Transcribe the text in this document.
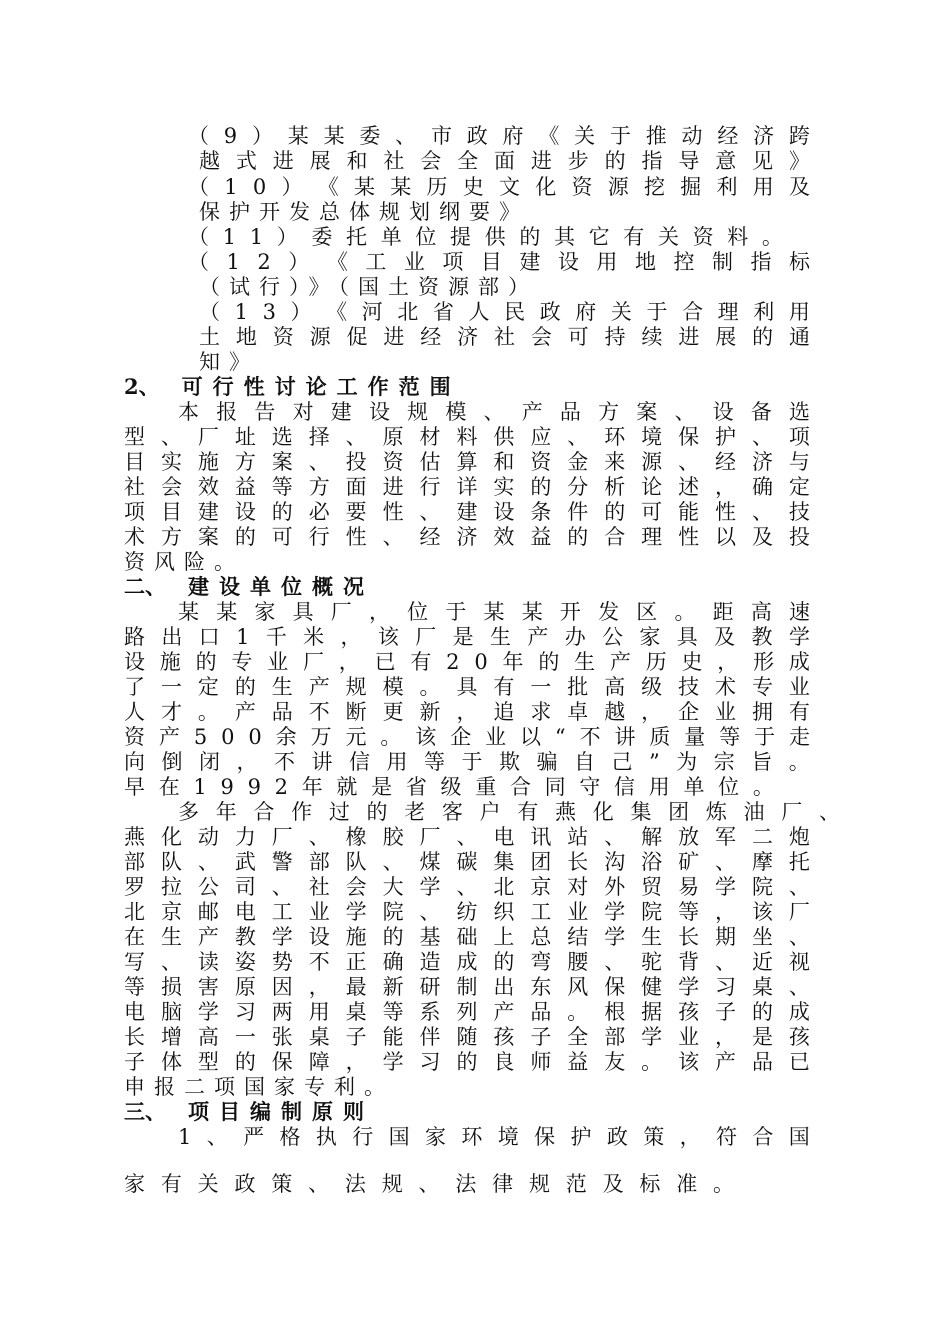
（ 9 ） 某 某 委 、 市 政 府 《 关 于 推 动 经 济 跨
越 式 进 展 和 社 会 全 面 进 步 的 指 导 意 见 》
（ 1 0 ） 《 某 某 历 史 文 化 资 源 挖 掘 利 用 及
保护开发总体规划纲要》
（ 1 1 ） 委 托 单 位 提 供 的 其 它 有 关 资 料 。
（ 1 2 ） 《 工 业 项 目 建 设 用 地 控 制 指 标
（试行）》（国土资源部）
（ 1 3 ） 《 河 北 省 人 民 政 府 关 于 合 理 利 用
土 地 资 源 促 进 经 济 社 会 可 持 续 进 展 的 通
知》
2、 可行性讨论工作范围
本 报 告 对 建 设 规 模 、 产 品 方 案 、 设 备 选
型 、 厂 址 选 择 、 原 材 料 供 应 、 环 境 保 护 、 项
目 实 施 方 案 、 投 资 估 算 和 资 金 来 源 、 经 济 与
社 会 效 益 等 方 面 进 行 详 实 的 分 析 论 述 ， 确 定
项 目 建 设 的 必 要 性 、 建 设 条 件 的 可 能 性 、 技
术 方 案 的 可 行 性 、 经 济 效 益 的 合 理 性 以 及 投
资风险。
二、 建设单位概况
某 某 家 具 厂 ， 位 于 某 某 开 发 区 。 距 高 速
路 出 口 1 千 米 ， 该 厂 是 生 产 办 公 家 具 及 教 学
设 施 的 专 业 厂 ， 已 有 2 0 年 的 生 产 历 史 ， 形 成
了 一 定 的 生 产 规 模 。 具 有 一 批 高 级 技 术 专 业
人 才 。 产 品 不 断 更 新 ， 追 求 卓 越 ， 企 业 拥 有
资 产 5 0 0 余 万 元 。 该 企 业 以 “ 不 讲 质 量 等 于 走
向 倒 闭 ， 不 讲 信 用 等 于 欺 骗 自 己 ” 为 宗 旨 。
早 在 1 9 9 2 年 就 是 省 级 重 合 同 守 信 用 单 位 。
多 年 合 作 过 的 老 客 户 有 燕 化 集 团 炼 油 厂 、
燕 化 动 力 厂 、 橡 胶 厂 、 电 讯 站 、 解 放 军 二 炮
部 队 、 武 警 部 队 、 煤 碳 集 团 长 沟 浴 矿 、 摩 托
罗 拉 公 司 、 社 会 大 学 、 北 京 对 外 贸 易 学 院 、
北 京 邮 电 工 业 学 院 、 纺 织 工 业 学 院 等 ， 该 厂
在 生 产 教 学 设 施 的 基 础 上 总 结 学 生 长 期 坐 、
写 、 读 姿 势 不 正 确 造 成 的 弯 腰 、 驼 背 、 近 视
等 损 害 原 因 ， 最 新 研 制 出 东 风 保 健 学 习 桌 、
电 脑 学 习 两 用 桌 等 系 列 产 品 。 根 据 孩 子 的 成
长 增 高 一 张 桌 子 能 伴 随 孩 子 全 部 学 业 ， 是 孩
子 体 型 的 保 障 ， 学 习 的 良 师 益 友 。 该 产 品 已
申报二项国家专利。
三、 项目编制原则
1 、 严 格 执 行 国 家 环 境 保 护 政 策 ， 符 合 国
家 有 关 政 策 、 法 规 、 法 律 规 范 及 标 准 。
